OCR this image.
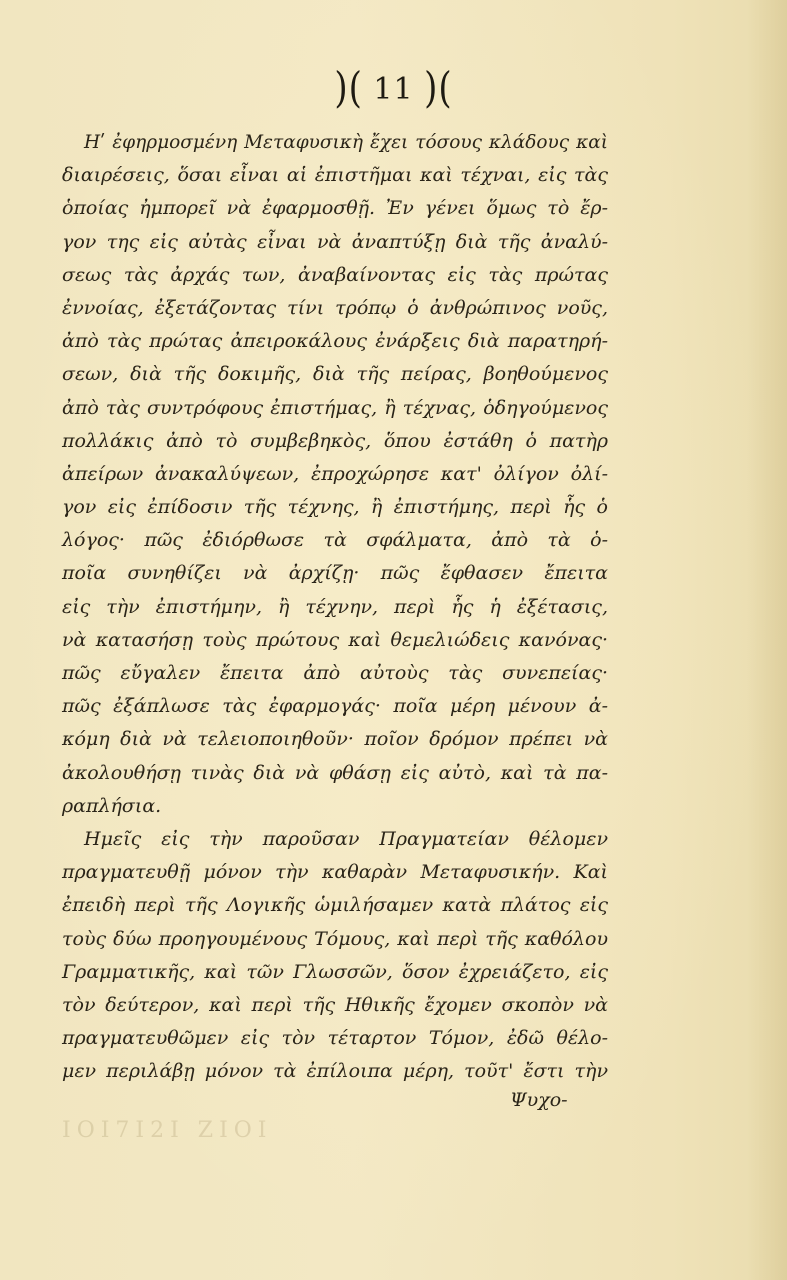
IOI7I2I ZIOI
)( 11 )(
Ηʹ ἐφηρμοσμένη Μεταφυσικὴ ἔχει τόσους κλάδους καὶ
διαιρέσεις, ὅσαι εἶναι αἱ ἐπιστῆμαι καὶ τέχναι, εἰς τὰς
ὁποίας ἠμπορεῖ νὰ ἐφαρμοσθῇ. Ἐν γένει ὅμως τὸ ἔρ-
γον της εἰς αὐτὰς εἶναι νὰ ἀναπτύξῃ διὰ τῆς ἀναλύ-
σεως τὰς ἀρχάς των, ἀναβαίνοντας εἰς τὰς πρώτας
ἐννοίας, ἐξετάζοντας τίνι τρόπῳ ὁ ἀνθρώπινος νοῦς,
ἀπὸ τὰς πρώτας ἀπειροκάλους ἐνάρξεις διὰ παρατηρή-
σεων, διὰ τῆς δοκιμῆς, διὰ τῆς πείρας, βοηθούμενος
ἀπὸ τὰς συντρόφους ἐπιστήμας, ἢ τέχνας, ὁδηγούμενος
πολλάκις ἀπὸ τὸ συμβεβηκὸς, ὅπου ἐστάθη ὁ πατὴρ
ἀπείρων ἀνακαλύψεων, ἐπροχώρησε κατ' ὀλίγον ὀλί-
γον εἰς ἐπίδοσιν τῆς τέχνης, ἢ ἐπιστήμης, περὶ ἧς ὁ
λόγος· πῶς ἐδιόρθωσε τὰ σφάλματα, ἀπὸ τὰ ὁ-
ποῖα συνηθίζει νὰ ἀρχίζῃ· πῶς ἔφθασεν ἔπειτα
εἰς τὴν ἐπιστήμην, ἢ τέχνην, περὶ ἧς ἡ ἐξέτασις,
νὰ κατασήσῃ τοὺς πρώτους καὶ θεμελιώδεις κανόνας·
πῶς εὔγαλεν ἔπειτα ἀπὸ αὐτοὺς τὰς συνεπείας·
πῶς ἐξάπλωσε τὰς ἐφαρμογάς· ποῖα μέρη μένουν ἀ-
κόμη διὰ νὰ τελειοποιηθοῦν· ποῖον δρόμον πρέπει νὰ
ἀκολουθήσῃ τινὰς διὰ νὰ φθάσῃ εἰς αὐτὸ, καὶ τὰ πα-
ραπλήσια.
Ημεῖς εἰς τὴν παροῦσαν Πραγματείαν θέλομεν
πραγματευθῇ μόνον τὴν καθαρὰν Μεταφυσικήν. Καὶ
ἐπειδὴ περὶ τῆς Λογικῆς ὡμιλήσαμεν κατὰ πλάτος εἰς
τοὺς δύω προηγουμένους Τόμους, καὶ περὶ τῆς καθόλου
Γραμματικῆς, καὶ τῶν Γλωσσῶν, ὅσον ἐχρειάζετο, εἰς
τὸν δεύτερον, καὶ περὶ τῆς Ηθικῆς ἔχομεν σκοπὸν νὰ
πραγματευθῶμεν εἰς τὸν τέταρτον Τόμον, ἐδῶ θέλο-
μεν περιλάβῃ μόνον τὰ ἐπίλοιπα μέρη, τοῦτ' ἔστι τὴν
Ψυχο-
